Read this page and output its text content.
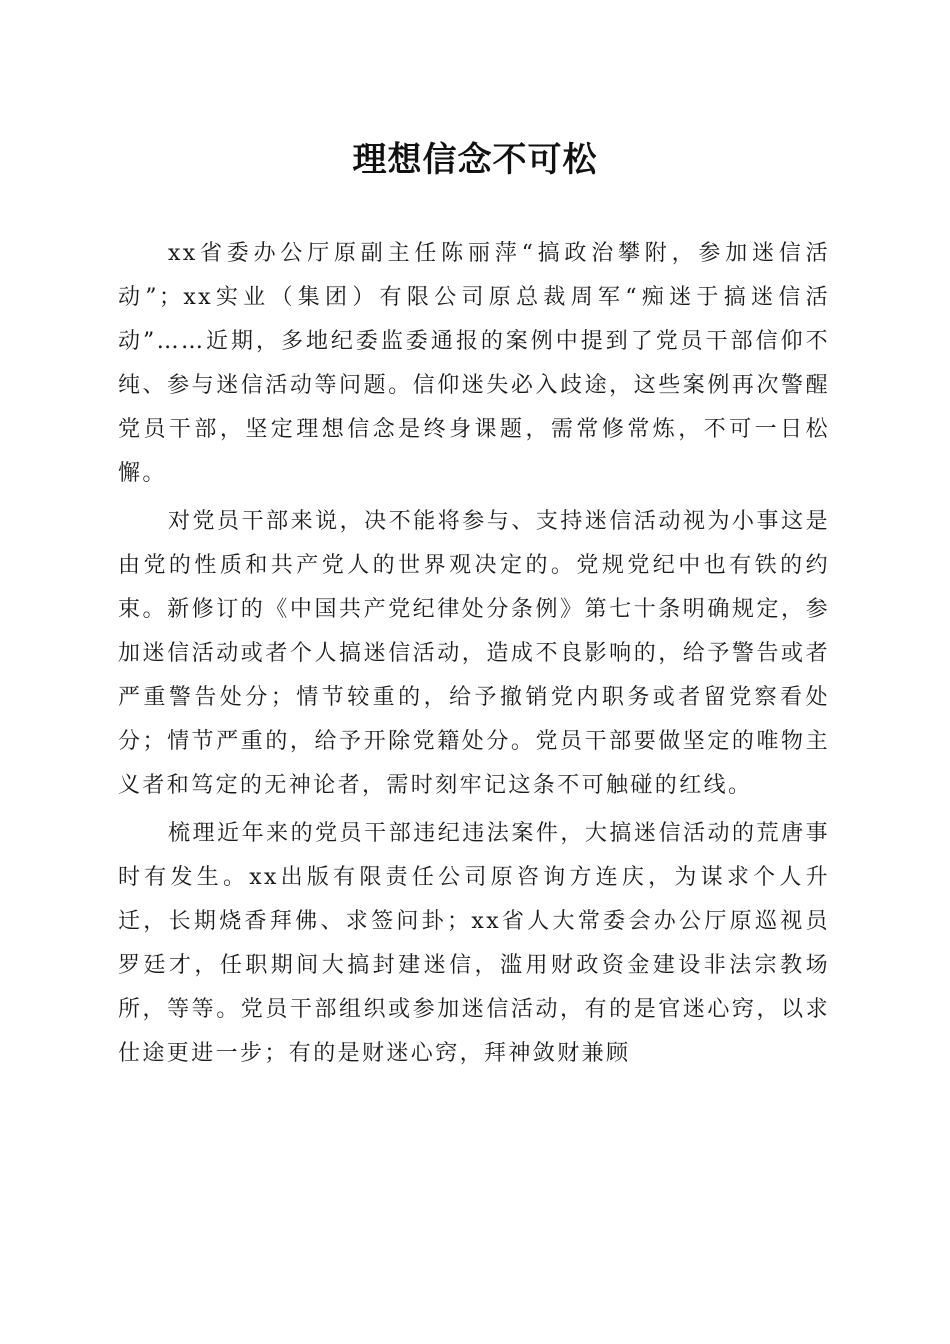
理想信念不可松

xx省委办公厅原副主任陈丽萍“搞政治攀附，参加迷信活动”；xx实业（集团）有限公司原总裁周军“痴迷于搞迷信活动”……近期，多地纪委监委通报的案例中提到了党员干部信仰不纯、参与迷信活动等问题。信仰迷失必入歧途，这些案例再次警醒党员干部，坚定理想信念是终身课题，需常修常炼，不可一日松懈。

对党员干部来说，决不能将参与、支持迷信活动视为小事这是由党的性质和共产党人的世界观决定的。党规党纪中也有铁的约束。新修订的《中国共产党纪律处分条例》第七十条明确规定，参加迷信活动或者个人搞迷信活动，造成不良影响的，给予警告或者严重警告处分；情节较重的，给予撤销党内职务或者留党察看处分；情节严重的，给予开除党籍处分。党员干部要做坚定的唯物主义者和笃定的无神论者，需时刻牢记这条不可触碰的红线。

梳理近年来的党员干部违纪违法案件，大搞迷信活动的荒唐事时有发生。xx出版有限责任公司原咨询方连庆，为谋求个人升迁，长期烧香拜佛、求签问卦；xx省人大常委会办公厅原巡视员罗廷才，任职期间大搞封建迷信，滥用财政资金建设非法宗教场所，等等。党员干部组织或参加迷信活动，有的是官迷心窍，以求仕途更进一步；有的是财迷心窍，拜神敛财兼顾
